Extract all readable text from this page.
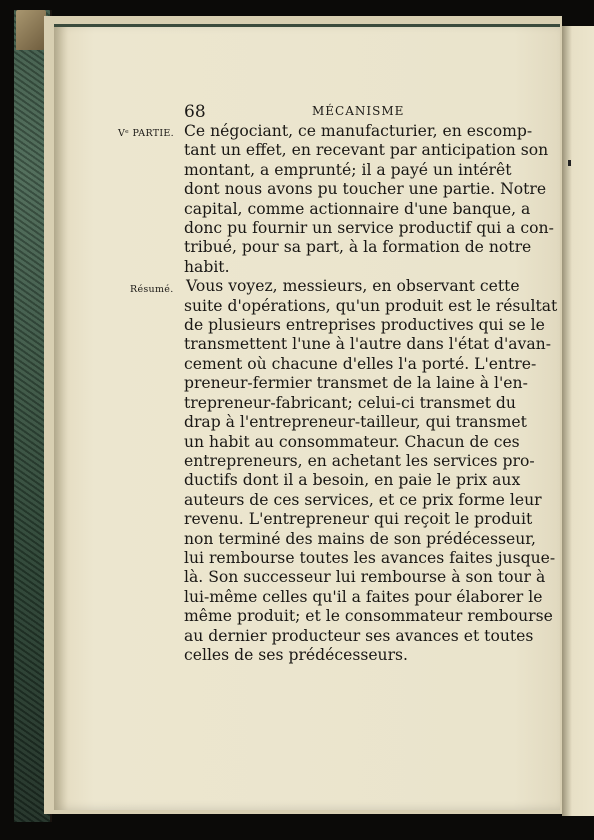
68	MÉCANISME
Vᵉ PARTIE.
Résumé.
Ce négociant, ce manufacturier, en escomp-
tant un effet, en recevant par anticipation son
montant, a emprunté; il a payé un intérêt
dont nous avons pu toucher une partie. Notre
capital, comme actionnaire d'une banque, a
donc pu fournir un service productif qui a con-
tribué, pour sa part, à la formation de notre
habit.
Vous voyez, messieurs, en observant cette
suite d'opérations, qu'un produit est le résultat
de plusieurs entreprises productives qui se le
transmettent l'une à l'autre dans l'état d'avan-
cement où chacune d'elles l'a porté. L'entre-
preneur-fermier transmet de la laine à l'en-
trepreneur-fabricant; celui-ci transmet du
drap à l'entrepreneur-tailleur, qui transmet
un habit au consommateur. Chacun de ces
entrepreneurs, en achetant les services pro-
ductifs dont il a besoin, en paie le prix aux
auteurs de ces services, et ce prix forme leur
revenu. L'entrepreneur qui reçoit le produit
non terminé des mains de son prédécesseur,
lui rembourse toutes les avances faites jusque-
là. Son successeur lui rembourse à son tour à
lui-même celles qu'il a faites pour élaborer le
même produit; et le consommateur rembourse
au dernier producteur ses avances et toutes
celles de ses prédécesseurs.
